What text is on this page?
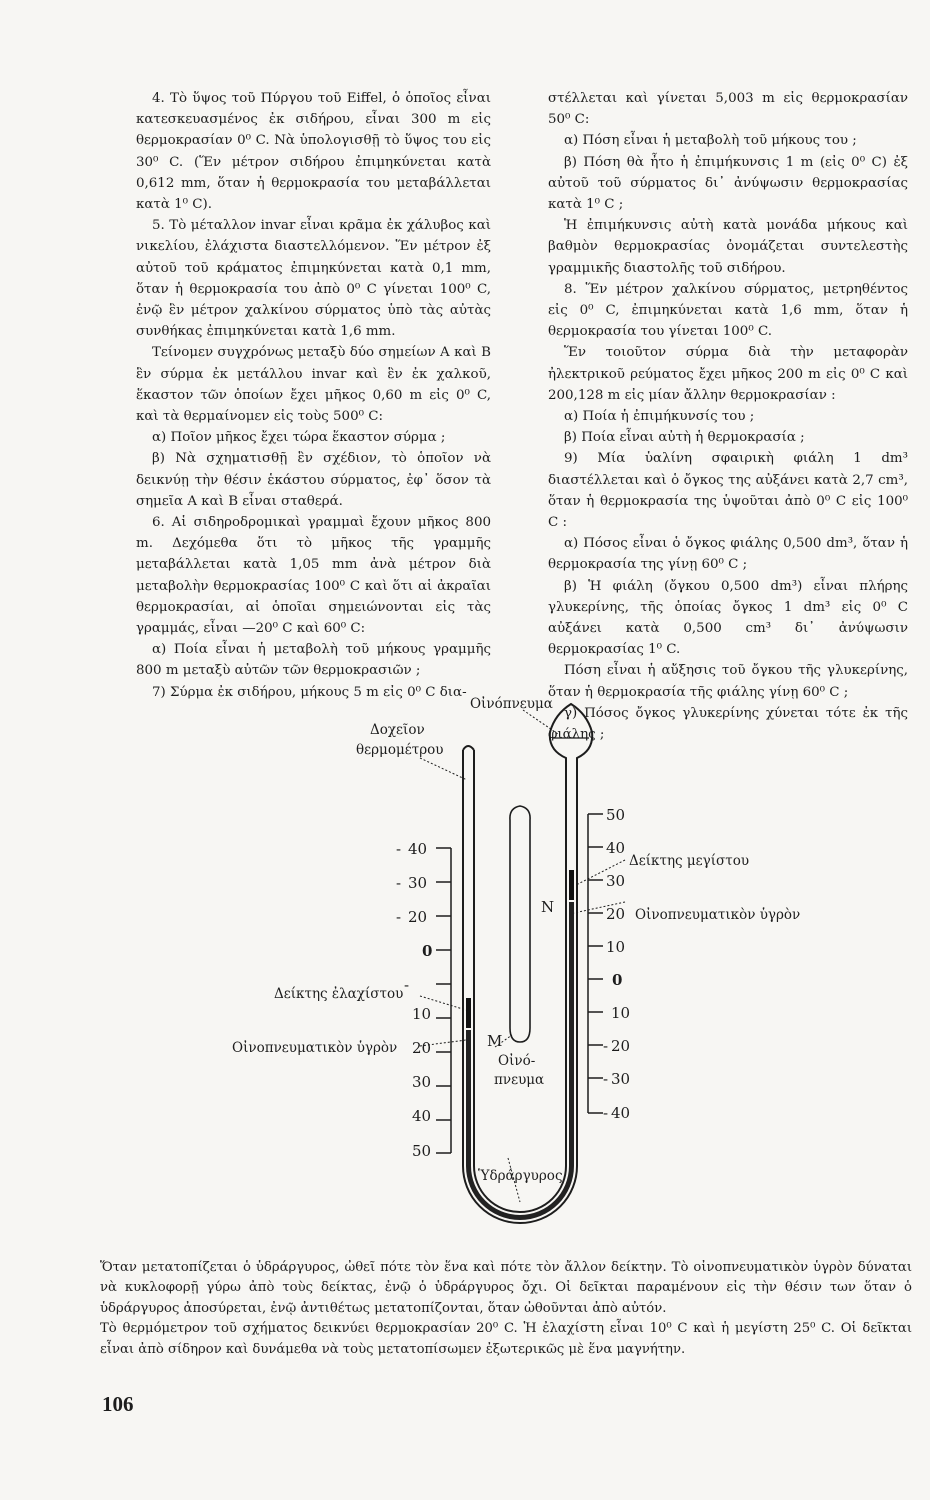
4. Τὸ ὕψος τοῦ Πύργου τοῦ Eiffel, ὁ ὁποῖος εἶναι κατεσκευασμένος ἐκ σιδήρου, εἶναι 300 m εἰς θερμοκρασίαν 0⁰ C. Νὰ ὑπολογισθῇ τὸ ὕψος του εἰς 30⁰ C. (Ἕν μέτρον σιδήρου ἐπιμηκύνεται κατὰ 0,612 mm, ὅταν ἡ θερμοκρασία του μεταβάλλεται κατὰ 1⁰ C).

5. Τὸ μέταλλον invar εἶναι κρᾶμα ἐκ χάλυβος καὶ νικελίου, ἐλάχιστα διαστελλόμενον. Ἕν μέτρον ἐξ αὐτοῦ τοῦ κράματος ἐπιμηκύνεται κατὰ 0,1 mm, ὅταν ἡ θερμοκρασία του ἀπὸ 0⁰ C γίνεται 100⁰ C, ἐνῷ ἓν μέτρον χαλκίνου σύρματος ὑπὸ τὰς αὐτὰς συνθήκας ἐπιμηκύνεται κατὰ 1,6 mm.

Τείνομεν συγχρόνως μεταξὺ δύο σημείων Α καὶ Β ἓν σύρμα ἐκ μετάλλου invar καὶ ἓν ἐκ χαλκοῦ, ἕκαστον τῶν ὁποίων ἔχει μῆκος 0,60 m εἰς 0⁰ C, καὶ τὰ θερμαίνομεν εἰς τοὺς 500⁰ C:

α) Ποῖον μῆκος ἔχει τώρα ἕκαστον σύρμα ;

β) Νὰ σχηματισθῇ ἓν σχέδιον, τὸ ὁποῖον νὰ δεικνύῃ τὴν θέσιν ἑκάστου σύρματος, ἐφ᾽ ὅσον τὰ σημεῖα Α καὶ Β εἶναι σταθερά.

6. Αἱ σιδηροδρομικαὶ γραμμαὶ ἔχουν μῆκος 800 m. Δεχόμεθα ὅτι τὸ μῆκος τῆς γραμμῆς μεταβάλλεται κατὰ 1,05 mm ἀνὰ μέτρον διὰ μεταβολὴν θερμοκρασίας 100⁰ C καὶ ὅτι αἱ ἀκραῖαι θερμοκρασίαι, αἱ ὁποῖαι σημειώνονται εἰς τὰς γραμμάς, εἶναι —20⁰ C καὶ 60⁰ C:

α) Ποία εἶναι ἡ μεταβολὴ τοῦ μήκους γραμμῆς 800 m μεταξὺ αὐτῶν τῶν θερμοκρασιῶν ;

7) Σύρμα ἐκ σιδήρου, μήκους 5 m εἰς 0⁰ C δια-

στέλλεται καὶ γίνεται 5,003 m εἰς θερμοκρασίαν 50⁰ C:

α) Πόση εἶναι ἡ μεταβολὴ τοῦ μήκους του ;

β) Πόση θὰ ἦτο ἡ ἐπιμήκυνσις 1 m (εἰς 0⁰ C) ἐξ αὐτοῦ τοῦ σύρματος δι᾽ ἀνύψωσιν θερμοκρασίας κατὰ 1⁰ C ;

Ἡ ἐπιμήκυνσις αὐτὴ κατὰ μονάδα μήκους καὶ βαθμὸν θερμοκρασίας ὀνομάζεται συντελεστὴς γραμμικῆς διαστολῆς τοῦ σιδήρου.

8. Ἕν μέτρον χαλκίνου σύρματος, μετρηθέντος εἰς 0⁰ C, ἐπιμηκύνεται κατὰ 1,6 mm, ὅταν ἡ θερμοκρασία του γίνεται 100⁰ C.

Ἕν τοιοῦτον σύρμα διὰ τὴν μεταφορὰν ἠλεκτρικοῦ ρεύματος ἔχει μῆκος 200 m εἰς 0⁰ C καὶ 200,128 m εἰς μίαν ἄλλην θερμοκρασίαν :

α) Ποία ἡ ἐπιμήκυνσίς του ;

β) Ποία εἶναι αὐτὴ ἡ θερμοκρασία ;

9) Μία ὑαλίνη σφαιρικὴ φιάλη 1 dm³ διαστέλλεται καὶ ὁ ὄγκος της αὐξάνει κατὰ 2,7 cm³, ὅταν ἡ θερμοκρασία της ὑψοῦται ἀπὸ 0⁰ C εἰς 100⁰ C :

α) Πόσος εἶναι ὁ ὄγκος φιάλης 0,500 dm³, ὅταν ἡ θερμοκρασία της γίνῃ 60⁰ C ;

β) Ἡ φιάλη (ὄγκου 0,500 dm³) εἶναι πλήρης γλυκερίνης, τῆς ὁποίας ὄγκος 1 dm³ εἰς 0⁰ C αὐξάνει κατὰ 0,500 cm³ δι᾽ ἀνύψωσιν θερμοκρασίας 1⁰ C.

Πόση εἶναι ἡ αὔξησις τοῦ ὄγκου τῆς γλυκερίνης, ὅταν ἡ θερμοκρασία τῆς φιάλης γίνῃ 60⁰ C ;

γ) Πόσος ὄγκος γλυκερίνης χύνεται τότε ἐκ τῆς φιάλης ;

- 40
- 30
- 20
0
-
10
20
30
40
50
50
40
30
20
10
0
-
10
20
- 30
- 40
Οἰνόπνευμα
Δοχεῖον
θερμομέτρου
Δείκτης μεγίστου
Οἰνοπνευματικὸν ὑγρὸν
Δείκτης ἐλαχίστου
Οἰνοπνευματικὸν ὑγρὸν
Οἰνό-
πνευμα
Ὑδράργυρος
N
M

Ὅταν μετατοπίζεται ὁ ὑδράργυρος, ὠθεῖ πότε τὸν ἕνα καὶ πότε τὸν ἄλλον δείκτην. Τὸ οἰνοπνευματικὸν ὑγρὸν δύναται νὰ κυκλοφορῇ γύρω ἀπὸ τοὺς δείκτας, ἐνῷ ὁ ὑδράργυρος ὄχι. Οἱ δεῖκται παραμένουν εἰς τὴν θέσιν των ὅταν ὁ ὑδράργυρος ἀποσύρεται, ἐνῷ ἀντιθέτως μετατοπίζονται, ὅταν ὠθοῦνται ἀπὸ αὐτόν.

Τὸ θερμόμετρον τοῦ σχήματος δεικνύει θερμοκρασίαν 20⁰ C. Ἡ ἐλαχίστη εἶναι 10⁰ C καὶ ἡ μεγίστη 25⁰ C. Οἱ δεῖκται εἶναι ἀπὸ σίδηρον καὶ δυνάμεθα νὰ τοὺς μετατοπίσωμεν ἐξωτερικῶς μὲ ἕνα μαγνήτην.

106
